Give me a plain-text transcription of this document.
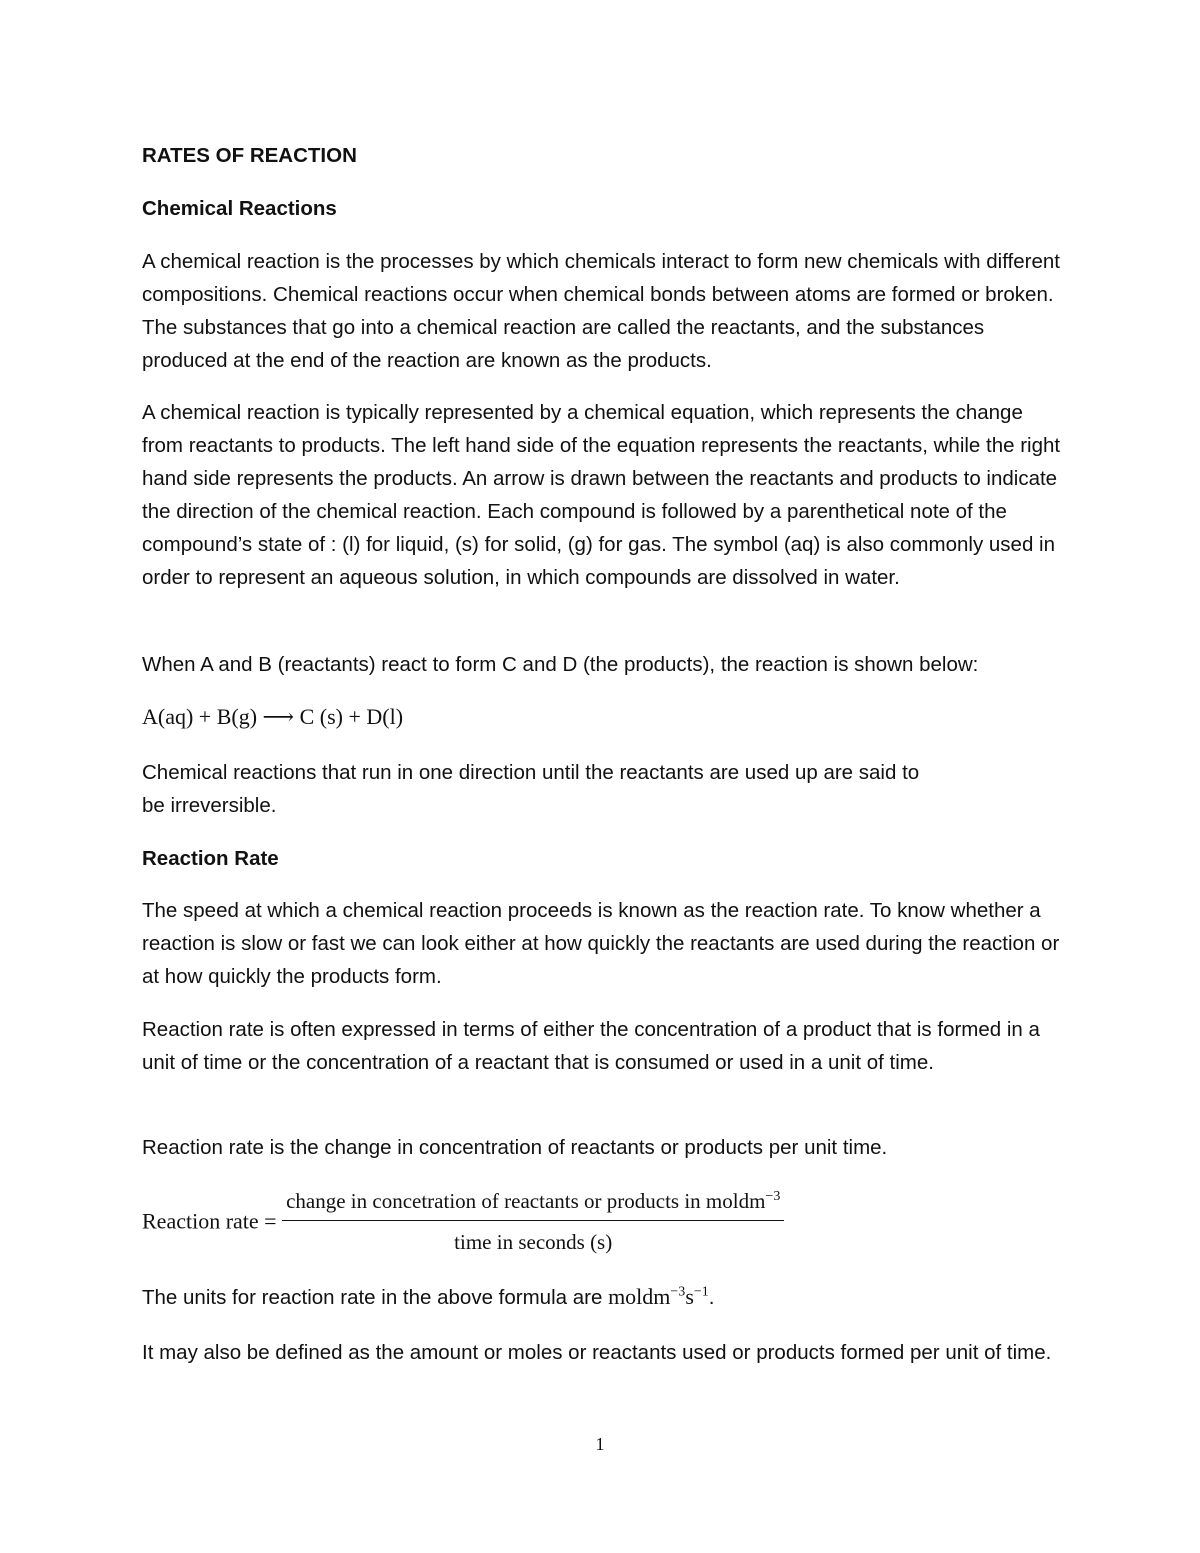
RATES OF REACTION
Chemical Reactions
A chemical reaction is the processes by which chemicals interact to form new chemicals with different compositions. Chemical reactions occur when chemical bonds between atoms are formed or broken. The substances that go into a chemical reaction are called the reactants, and the substances produced at the end of the reaction are known as the products.
A chemical reaction is typically represented by a chemical equation, which represents the change from reactants to products. The left hand side of the equation represents the reactants, while the right hand side represents the products. An arrow is drawn between the reactants and products to indicate the direction of the chemical reaction. Each compound is followed by a parenthetical note of the compound’s state of : (l) for liquid, (s) for solid, (g) for gas. The symbol (aq) is also commonly used in order to represent an aqueous solution, in which compounds are dissolved in water.
When A and B (reactants) react to form C and D (the products), the reaction is shown below:
A(aq) + B(g) ⟶ C (s) + D(l)
Chemical reactions that run in one direction until the reactants are used up are said to
be irreversible.
Reaction Rate
The speed at which a chemical reaction proceeds is known as the reaction rate. To know whether a reaction is slow or fast we can look either at how quickly the reactants are used during the reaction or at how quickly the products form.
Reaction rate is often expressed in terms of either the concentration of a product that is formed in a unit of time or the concentration of a reactant that is consumed or used in a unit of time.
Reaction rate is the change in concentration of reactants or products per unit time.
Reaction rate = $\frac{change in concetration of reactants or products in moldm^{-3}}{\text{time in seconds (s)}}$
The units for reaction rate in the above formula are $moldm^{-3}s^{-1}$.
It may also be defined as the amount or moles or reactants used or products formed per unit of time.
1
